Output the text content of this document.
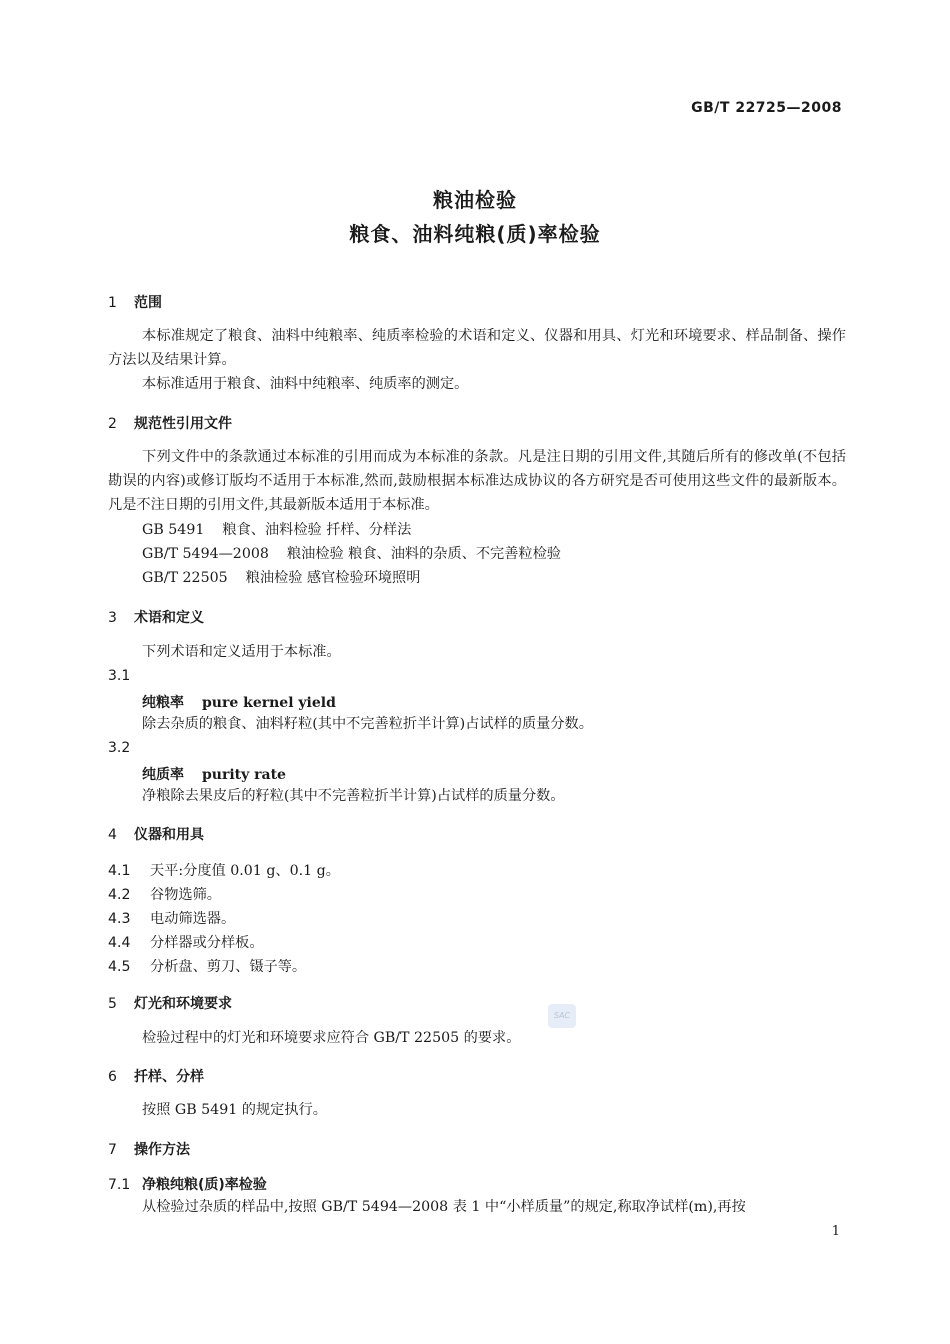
GB/T 22725—2008
粮油检验
粮食、油料纯粮(质)率检验
1 范围
本标准规定了粮食、油料中纯粮率、纯质率检验的术语和定义、仪器和用具、灯光和环境要求、样品制备、操作方法以及结果计算。
本标准适用于粮食、油料中纯粮率、纯质率的测定。
2 规范性引用文件
下列文件中的条款通过本标准的引用而成为本标准的条款。凡是注日期的引用文件,其随后所有的修改单(不包括勘误的内容)或修订版均不适用于本标准,然而,鼓励根据本标准达成协议的各方研究是否可使用这些文件的最新版本。凡是不注日期的引用文件,其最新版本适用于本标准。
GB 5491 粮食、油料检验 扦样、分样法
GB/T 5494—2008 粮油检验 粮食、油料的杂质、不完善粒检验
GB/T 22505 粮油检验 感官检验环境照明
3 术语和定义
下列术语和定义适用于本标准。
3.1
纯粮率 pure kernel yield
除去杂质的粮食、油料籽粒(其中不完善粒折半计算)占试样的质量分数。
3.2
纯质率 purity rate
净粮除去果皮后的籽粒(其中不完善粒折半计算)占试样的质量分数。
4 仪器和用具
4.1 天平:分度值 0.01 g、0.1 g。
4.2 谷物选筛。
4.3 电动筛选器。
4.4 分样器或分样板。
4.5 分析盘、剪刀、镊子等。
5 灯光和环境要求
SAC
检验过程中的灯光和环境要求应符合 GB/T 22505 的要求。
6 扦样、分样
按照 GB 5491 的规定执行。
7 操作方法
7.1 净粮纯粮(质)率检验
从检验过杂质的样品中,按照 GB/T 5494—2008 表 1 中“小样质量”的规定,称取净试样(m),再按
1
